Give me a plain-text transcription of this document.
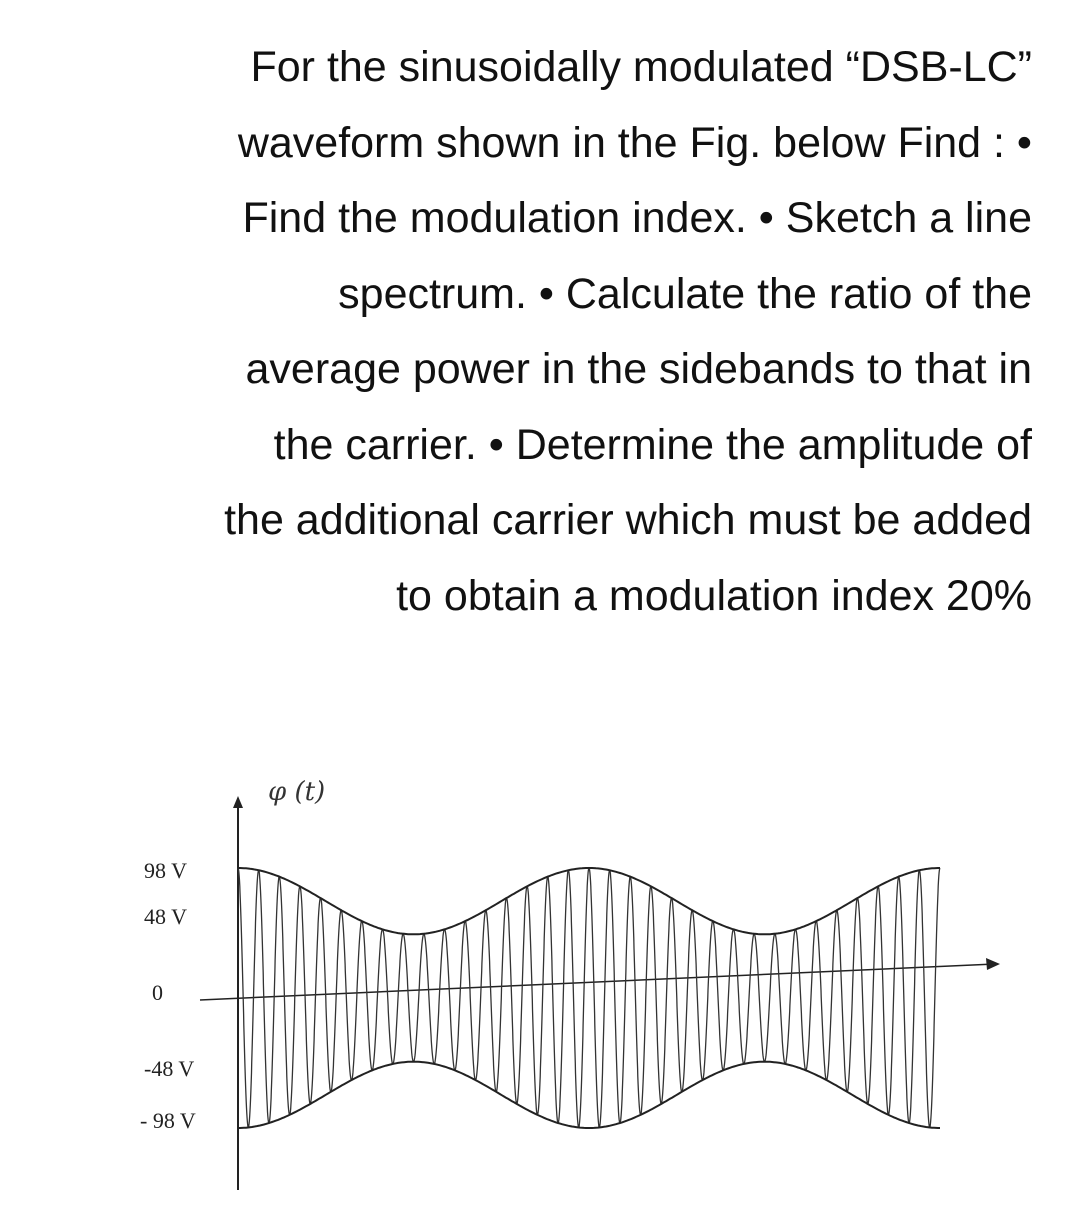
For the sinusoidally modulated “DSB-LC”
waveform shown in the Fig. below Find : •
Find the modulation index. • Sketch a line
spectrum. • Calculate the ratio of the
average power in the sidebands to that in
the carrier. • Determine the amplitude of
the additional carrier which must be added
to obtain a modulation index 20%
φ (t)
98 V
48 V
0
-48 V
- 98 V
